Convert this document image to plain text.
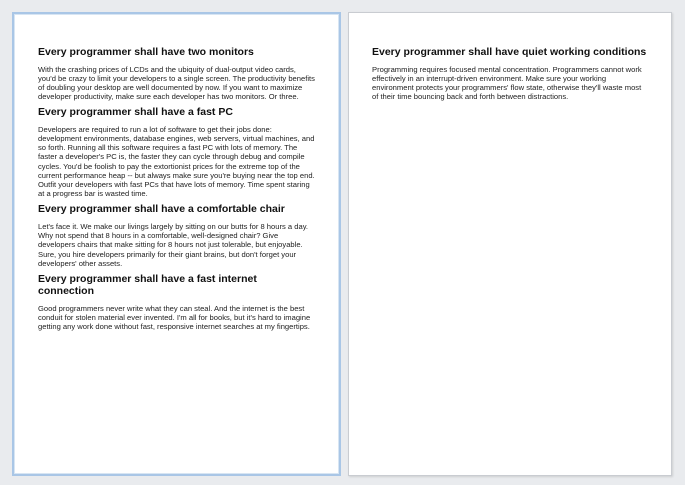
Every programmer shall have two monitors

With the crashing prices of LCDs and the ubiquity of dual-output video cards, you'd be crazy to limit your developers to a single screen. The productivity benefits of doubling your desktop are well documented by now. If you want to maximize developer productivity, make sure each developer has two monitors. Or three.

Every programmer shall have a fast PC

Developers are required to run a lot of software to get their jobs done: development environments, database engines, web servers, virtual machines, and so forth. Running all this software requires a fast PC with lots of memory. The faster a developer's PC is, the faster they can cycle through debug and compile cycles. You'd be foolish to pay the extortionist prices for the extreme top of the current performance heap -- but always make sure you're buying near the top end. Outfit your developers with fast PCs that have lots of memory. Time spent staring at a progress bar is wasted time.

Every programmer shall have a comfortable chair

Let's face it. We make our livings largely by sitting on our butts for 8 hours a day. Why not spend that 8 hours in a comfortable, well-designed chair? Give developers chairs that make sitting for 8 hours not just tolerable, but enjoyable. Sure, you hire developers primarily for their giant brains, but don't forget your developers' other assets.

Every programmer shall have a fast internet connection

Good programmers never write what they can steal. And the internet is the best conduit for stolen material ever invented. I'm all for books, but it's hard to imagine getting any work done without fast, responsive internet searches at my fingertips.

Every programmer shall have quiet working conditions

Programming requires focused mental concentration. Programmers cannot work effectively in an interrupt-driven environment. Make sure your working environment protects your programmers' flow state, otherwise they'll waste most of their time bouncing back and forth between distractions.
